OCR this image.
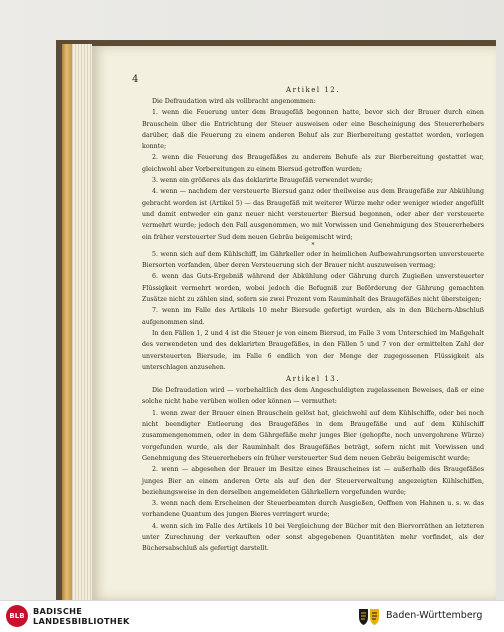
4
Artikel 12.

Die Defraudation wird als vollbracht angenommen:

1. wenn die Feuerung unter dem Braugefäß begonnen hatte, bevor sich der Brauer durch einen Brauschein über die Entrichtung der Steuer ausweisen oder eine Bescheinigung des Steuererhebers darüber, daß die Feuerung zu einem anderen Behuf als zur Bierbereitung gestattet worden, vorlegen konnte;

2. wenn die Feuerung des Braugefäßes zu anderem Behufe als zur Bierbereitung gestattet war, gleichwohl aber Vorbereitungen zu einem Biersud getroffen wurden;

3. wenn ein größeres als das deklarirte Braugefäß verwendet wurde;

4. wenn — nachdem der versteuerte Biersud ganz oder theilweise aus dem Braugefäße zur Abkühlung gebracht worden ist (Artikel 5) — das Braugefäß mit weiterer Würze mehr oder weniger wieder angefüllt und damit entweder ein ganz neuer nicht versteuerter Biersud begonnen, oder aber der versteuerte vermehrt wurde; jedoch den Fall ausgenommen, wo mit Vorwissen und Genehmigung des Steuererhebers ein früher versteuerter Sud dem neuen Gebräu beigemischt wird;

*

5. wenn sich auf dem Kühlschiff, im Gährkeller oder in heimlichen Aufbewahrungsorten unversteuerte Biersorten vorfanden, über deren Versteuerung sich der Brauer nicht auszuweisen vermag;

6. wenn das Guts-Ergebniß während der Abkühlung oder Gährung durch Zugießen unversteuerter Flüssigkeit vermehrt worden, wobei jedoch die Befugniß zur Beförderung der Gährung gemachten Zusätze nicht zu zählen sind, sofern sie zwei Prozent vom Rauminhalt des Braugefäßes nicht übersteigen;

7. wenn im Falle des Artikels 10 mehr Biersude gefertigt wurden, als in den Büchern-Abschluß aufgenommen sind.

In den Fällen 1, 2 und 4 ist die Steuer je von einem Biersud, im Falle 3 vom Unterschied im Maßgehalt des verwendeten und des deklarirten Braugefäßes, in den Fällen 5 und 7 von der ermittelten Zahl der unversteuerten Biersude, im Falle 6 endlich von der Menge der zugegossenen Flüssigkeit als unterschlagen anzusehen.

Artikel 13.

Die Defraudation wird — vorbehaltlich des dem Angeschuldigten zugelassenen Beweises, daß er eine solche nicht habe verüben wollen oder können — vermuthet:

1. wenn zwar der Brauer einen Brauschein gelöst hat, gleichwohl auf dem Kühlschiffe, oder bei noch nicht beendigter Entleerung des Braugefäßes in dem Braugefäße und auf dem Kühlschiff zusammengenommen, oder in dem Gährgefäße mehr junges Bier (gehopfte, noch unvergohrene Würze) vorgefunden wurde, als der Rauminhalt des Braugefäßes beträgt, sofern nicht mit Vorwissen und Genehmigung des Steuererhebers ein früher versteuerter Sud dem neuen Gebräu beigemischt wurde;

2. wenn — abgesehen der Brauer im Besitze eines Brauscheines ist — außerhalb des Braugefäßes junges Bier an einem anderen Orte als auf den der Steuerverwaltung angezeigten Kühlschiffen, beziehungsweise in den derselben angemeldeten Gährkellern vorgefunden wurde;

3. wenn nach dem Erscheinen der Steuerbeamten durch Ausgießen, Oeffnen von Hahnen u. s. w. das vorhandene Quantum des jungen Bieres verringert wurde;

4. wenn sich im Falle des Artikels 10 bei Vergleichung der Bücher mit den Biervorräthen an letzteren unter Zurechnung der verkauften oder sonst abgegebenen Quantitäten mehr vorfindet, als der Büchersabschluß als gefertigt darstellt.

BLB	BADISCHE
LANDESBIBLIOTHEK	Baden-Württemberg
